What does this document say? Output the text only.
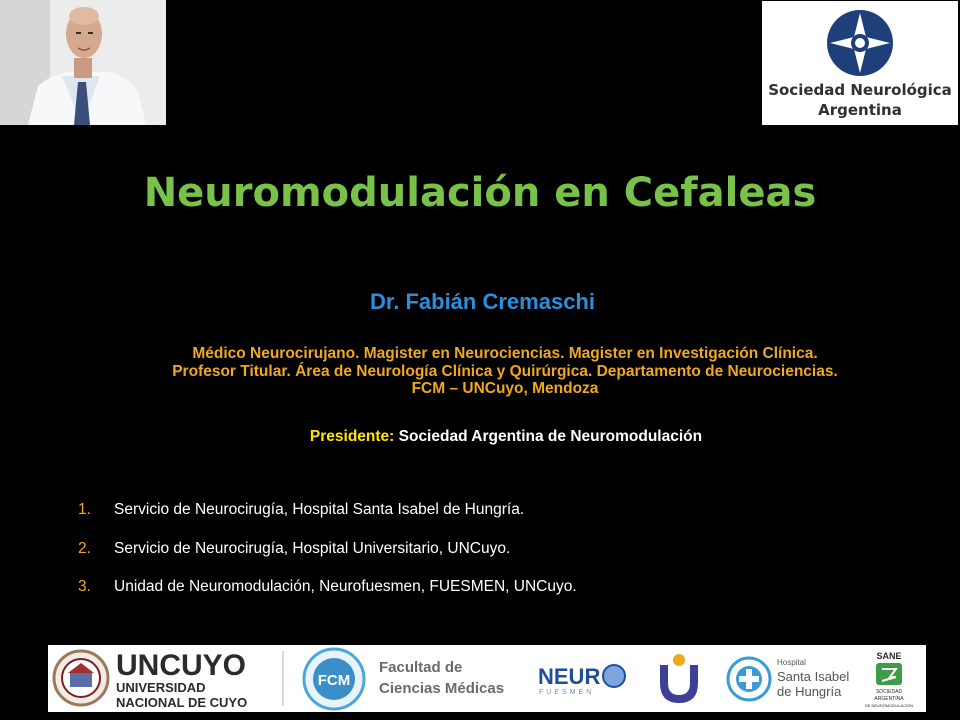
Sociedad Neurológica
Argentina
Neuromodulación en Cefaleas
Dr. Fabián Cremaschi
Médico Neurocirujano. Magister en Neurociencias. Magister en Investigación Clínica.
Profesor Titular. Área de Neurología Clínica y Quirúrgica. Departamento de Neurociencias.
FCM – UNCuyo, Mendoza
Presidente: Sociedad Argentina de Neuromodulación
1. Servicio de Neurocirugía, Hospital Santa Isabel de Hungría.
2. Servicio de Neurocirugía, Hospital Universitario, UNCuyo.
3. Unidad de Neuromodulación, Neurofuesmen, FUESMEN, UNCuyo.
UNCUYO
UNIVERSIDAD
NACIONAL DE CUYO
FCM
Facultad de
Ciencias Médicas NEUR
FUESMEN
Hospital
Santa Isabel
de Hungría
SANE
SOCIEDAD
ARGENTINA
DE NEUROMODULACIÓN
